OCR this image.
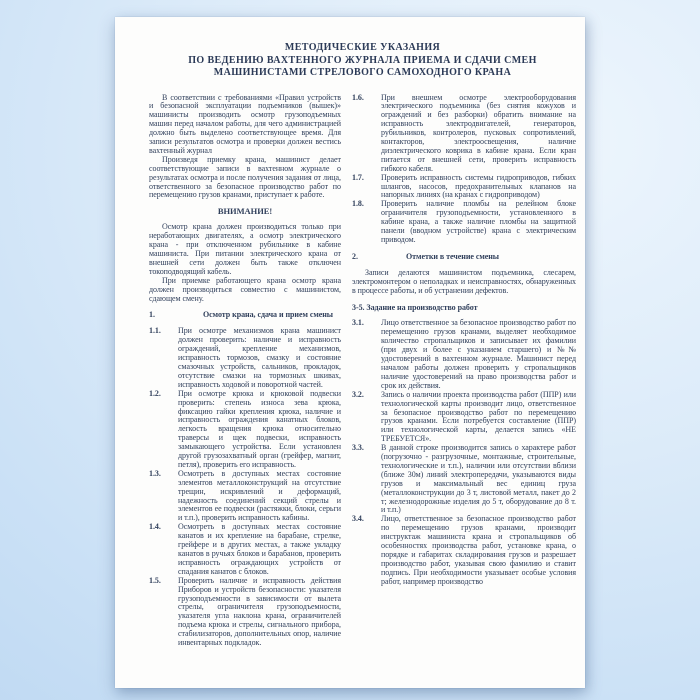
МЕТОДИЧЕСКИЕ УКАЗАНИЯ
ПО ВЕДЕНИЮ ВАХТЕННОГО ЖУРНАЛА ПРИЕМА И СДАЧИ СМЕН
МАШИНИСТАМИ СТРЕЛОВОГО САМОХОДНОГО КРАНА

В соответствии с требованиями «Правил устройств и безопасной эксплуатации подъемников (вышек)» машинисты производить осмотр грузоподъемных машин перед началом работы, для чего администрацией должно быть выделено соответствующее время. Для записи результатов осмотра и проверки должен вестись вахтенный журнал

Произведя приемку крана, машинист делает соответствующие записи в вахтенном журнале о результатах осмотра и после получения задания от лица, ответственного за безопасное производство работ по перемещению грузов кранами, приступает к работе.

ВНИМАНИЕ!

Осмотр крана должен производиться только при неработающих двигателях, а осмотр электрического крана - при отключенном рубильнике в кабине машиниста. При питании электрического крана от внешней сети должен быть также отключен токоподводящий кабель.

При приемке работающего крана осмотр крана должен производиться совместно с машинистом, сдающем смену.

1.	Осмотр крана, сдача и прием смены
1.1.	При осмотре механизмов крана машинист должен проверить: наличие и исправность ограждений, крепление механизмов, исправность тормозов, смазку и состояние смазочных устройств, сальников, прокладок, отсутствие смазки на тормозных шкивах, исправность ходовой и поворотной частей.
1.2.	При осмотре крюка и крюковой подвески проверить: степень износа зева крюка, фиксацию гайки крепления крюка, наличие и исправность ограждения канатных блоков, легкость вращения крюка относительно траверсы и щек подвески, исправность замыкающего устройства. Если установлен другой грузозахватный орган (грейфер, магнит, петля), проверить его исправность.
1.3.	Осмотреть в доступных местах состояние элементов металлоконструкций на отсутствие трещин, искривлений и деформаций, надежность соединений секций стрелы и элементов ее подвески (растяжки, блоки, серьги и т.п.), проверить исправность кабины.
1.4.	Осмотреть в доступных местах состояние канатов и их крепление на барабане, стрелке, грейфере и в других местах, а также укладку канатов в ручьях блоков и барабанов, проверить исправность ограждающих устройств от спадания канатов с блоков.
1.5.	Проверить наличие и исправность действия Приборов и устройств безопасности: указателя грузоподъемности в зависимости от вылета стрелы, ограничителя грузоподъемности, указателя угла наклона крана, ограничителей подъема крюка и стрелы, сигнального прибора, стабилизаторов, дополнительных опор, наличие инвентарных подкладок.
1.6.	При внешнем осмотре электрооборудования электрического подъемника (без снятия кожухов и ограждений и без разборки) обратить внимание на исправность электродвигателей, генераторов, рубильников, контролеров, пусковых сопротивлений, контакторов, электроосвещения, наличие диэлектрического коврика в кабине крана. Если кран питается от внешней сети, проверить исправность гибкого кабеля.
1.7.	Проверить исправность системы гидроприводов, гибких шлангов, насосов, предохранительных клапанов на напорных линиях (на кранах с гидроприводом)
1.8.	Проверить наличие пломбы на релейном блоке ограничителя грузоподъемности, установленного в кабине крана, а также наличие пломбы на защитной панели (вводном устройстве) крана с электрическим приводом.
2.	Отметки в течение смены

Записи делаются машинистом подъемника, слесарем, электромонтером о неполадках и неисправностях, обнаруженных в процессе работы, и об устранении дефектов.

3-5. Задание на производство работ
3.1.	Лицо ответственное за безопасное производство работ по перемещению грузов кранами, выделяет необходимое количество стропальщиков и записывает их фамилии (при двух и более с указанием старшего) и №№ удостоверений в вахтенном журнале. Машинист перед началом работы должен проверить у стропальщиков наличие удостоверений на право производства работ и срок их действия.
3.2.	Запись о наличии проекта производства работ (ППР) или технологической карты производит лицо, ответственное за безопасное производство работ по перемещению грузов кранами. Если потребуется составление (ППР) или технологической карты, делается запись «НЕ ТРЕБУЕТСЯ».
3.3.	В данной строке производится запись о характере работ (погрузочно - разгрузочные, монтажные, строительные, технологические и т.п.), наличии или отсутствии вблизи (ближе 30м) линий электропередачи, указываются виды грузов и максимальный вес единиц груза (металлоконструкции до 3 т, листовой металл, пакет до 2 т; железнодорожные изделия до 5 т, оборудование до 8 т. и т.п.)
3.4.	Лицо, ответственное за безопасное производство работ по перемещению грузов кранами, производит инструктаж машиниста крана и стропальщиков об особенностях производства работ, установке крана, о порядке и габаритах складирования грузов и разрешает производство работ, указывая свою фамилию и ставит подпись. При необходимости указывает особые условия работ, например производство
